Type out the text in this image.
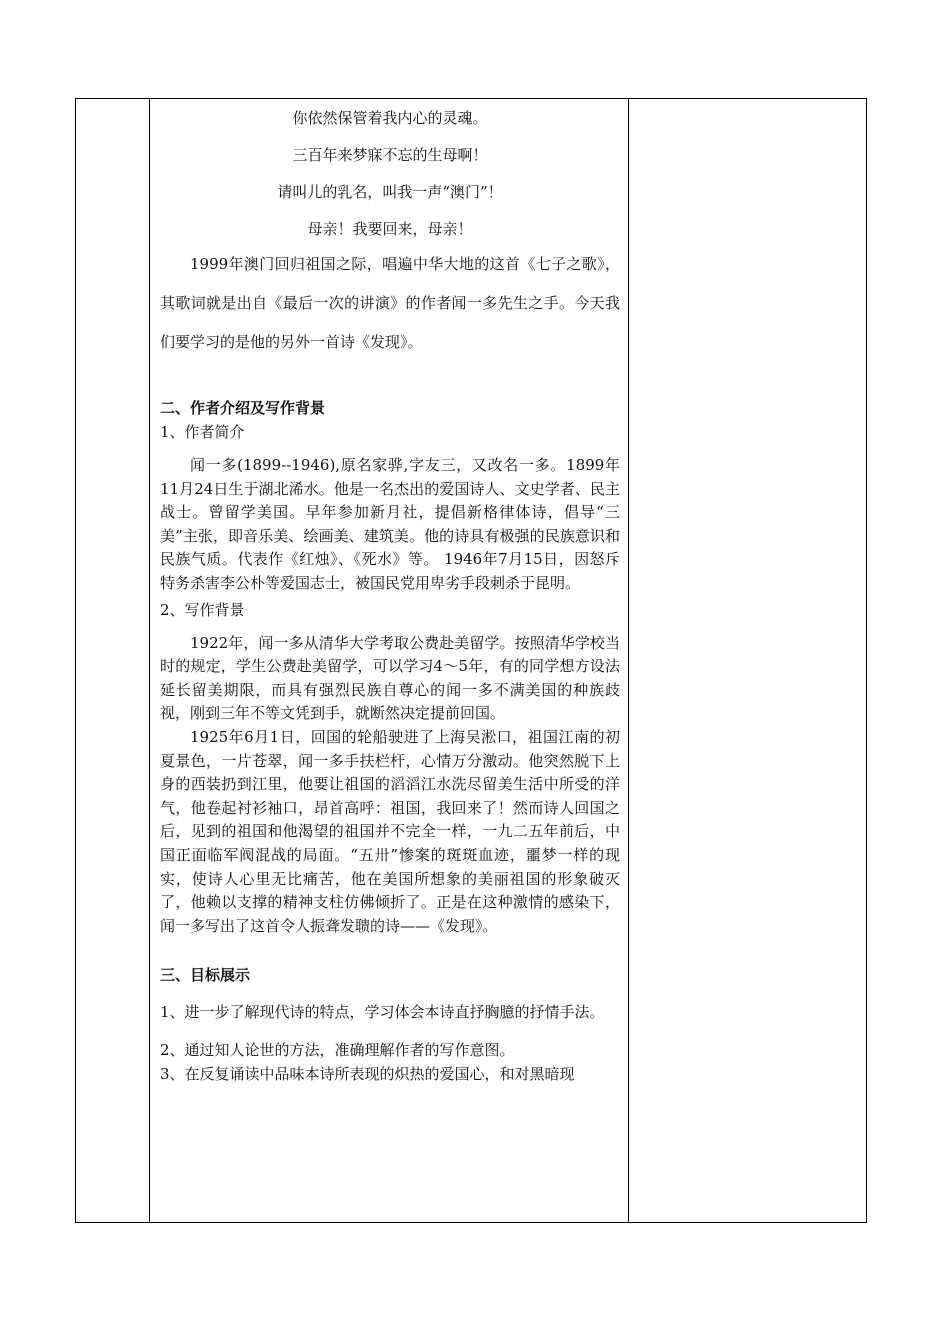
你依然保管着我内心的灵魂。
三百年来梦寐不忘的生母啊！
请叫儿的乳名，叫我一声“澳门”！
母亲！我要回来，母亲！

1999年澳门回归祖国之际，唱遍中华大地的这首《七子之歌》，其歌词就是出自《最后一次的讲演》的作者闻一多先生之手。今天我们要学习的是他的另外一首诗《发现》。

二、作者介绍及写作背景

1、作者简介

闻一多(1899--1946),原名家骅,字友三，又改名一多。1899年11月24日生于湖北浠水。他是一名杰出的爱国诗人、文史学者、民主战士。曾留学美国。早年参加新月社，提倡新格律体诗，倡导“三美”主张，即音乐美、绘画美、建筑美。他的诗具有极强的民族意识和民族气质。代表作《红烛》、《死水》等。 1946年7月15日，因怒斥特务杀害李公朴等爱国志士，被国民党用卑劣手段刺杀于昆明。

2、写作背景

1922年，闻一多从清华大学考取公费赴美留学。按照清华学校当时的规定，学生公费赴美留学，可以学习4～5年，有的同学想方设法延长留美期限，而具有强烈民族自尊心的闻一多不满美国的种族歧视，刚到三年不等文凭到手，就断然决定提前回国。

1925年6月1日，回国的轮船驶进了上海吴淞口，祖国江南的初夏景色，一片苍翠，闻一多手扶栏杆，心情万分激动。他突然脱下上身的西装扔到江里，他要让祖国的滔滔江水洗尽留美生活中所受的洋气，他卷起衬衫袖口，昂首高呼：祖国，我回来了！然而诗人回国之后，见到的祖国和他渴望的祖国并不完全一样，一九二五年前后，中国正面临军阀混战的局面。“五卅”惨案的斑斑血迹，噩梦一样的现实，使诗人心里无比痛苦，他在美国所想象的美丽祖国的形象破灭了，他赖以支撑的精神支柱仿佛倾折了。正是在这种激情的感染下，闻一多写出了这首令人振聋发聩的诗——《发现》。

三、目标展示

1、进一步了解现代诗的特点，学习体会本诗直抒胸臆的抒情手法。

2、通过知人论世的方法，准确理解作者的写作意图。

3、在反复诵读中品味本诗所表现的炽热的爱国心，和对黑暗现
